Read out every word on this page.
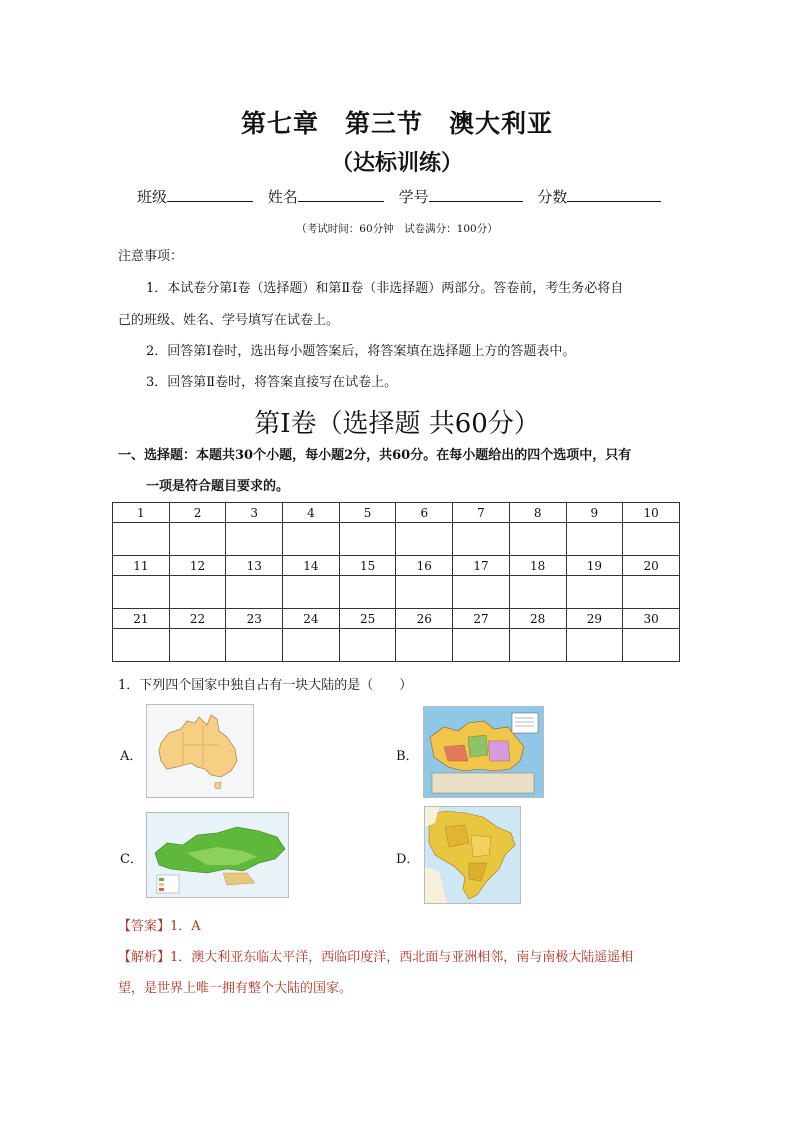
第七章　第三节　澳大利亚
（达标训练）
班级	姓名	学号	分数
（考试时间：60分钟　试卷满分：100分）
注意事项：
1．本试卷分第Ⅰ卷（选择题）和第Ⅱ卷（非选择题）两部分。答卷前，考生务必将自
己的班级、姓名、学号填写在试卷上。
2．回答第Ⅰ卷时，选出每小题答案后，将答案填在选择题上方的答题表中。
3．回答第Ⅱ卷时，将答案直接写在试卷上。
第Ⅰ卷（选择题 共60分）
一、选择题：本题共30个小题，每小题2分，共60分。在每小题给出的四个选项中，只有
一项是符合题目要求的。
1	2	3	4	5	6	7	8	9	10

11	12	13	14	15	16	17	18	19	20

21	22	23	24	25	26	27	28	29	30

1．下列四个国家中独自占有一块大陆的是（　　）
A．	B．
C．	D．
【答案】1．A
【解析】1．澳大利亚东临太平洋，西临印度洋，西北面与亚洲相邻，南与南极大陆遥遥相
望，是世界上唯一拥有整个大陆的国家。
